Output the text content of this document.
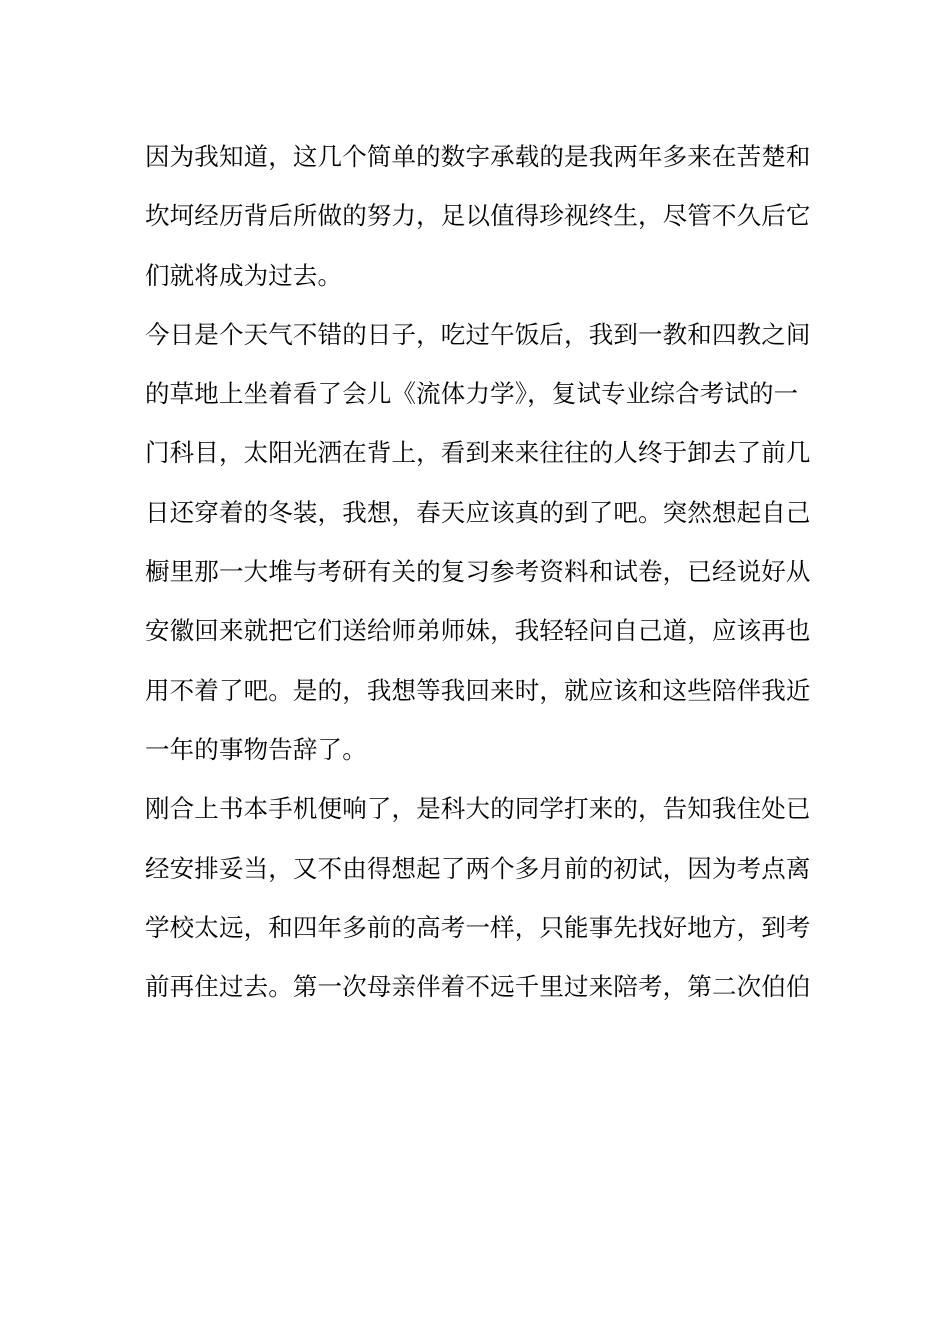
因为我知道，这几个简单的数字承载的是我两年多来在苦楚和
坎坷经历背后所做的努力，足以值得珍视终生，尽管不久后它
们就将成为过去。
今日是个天气不错的日子，吃过午饭后，我到一教和四教之间
的草地上坐着看了会儿《流体力学》，复试专业综合考试的一
门科目，太阳光洒在背上，看到来来往往的人终于卸去了前几
日还穿着的冬装，我想，春天应该真的到了吧。突然想起自己
橱里那一大堆与考研有关的复习参考资料和试卷，已经说好从
安徽回来就把它们送给师弟师妹，我轻轻问自己道，应该再也
用不着了吧。是的，我想等我回来时，就应该和这些陪伴我近
一年的事物告辞了。
刚合上书本手机便响了，是科大的同学打来的，告知我住处已
经安排妥当，又不由得想起了两个多月前的初试，因为考点离
学校太远，和四年多前的高考一样，只能事先找好地方，到考
前再住过去。第一次母亲伴着不远千里过来陪考，第二次伯伯
